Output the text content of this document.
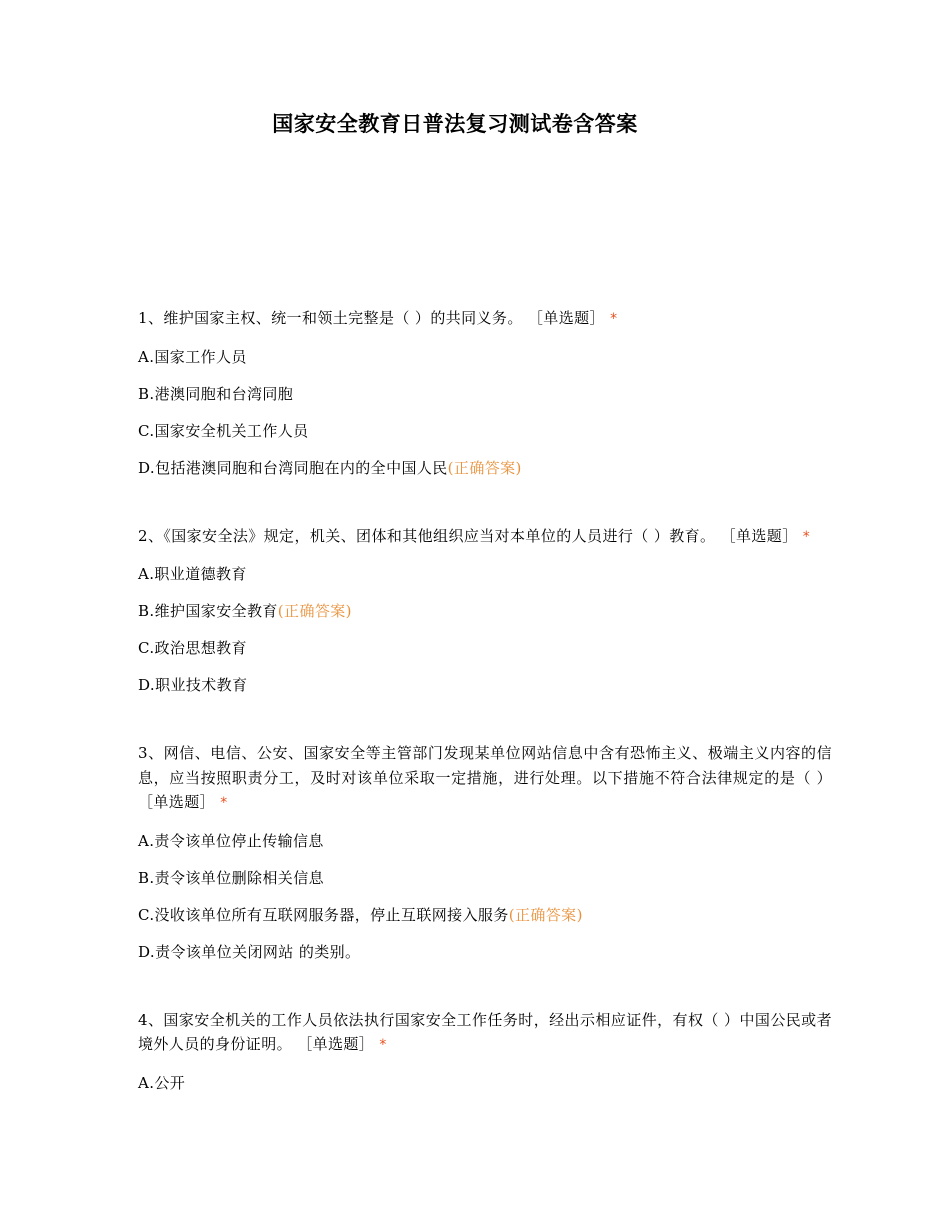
国家安全教育日普法复习测试卷含答案
1、维护国家主权、统一和领土完整是（ ）的共同义务。 ［单选题］ *
A.国家工作人员
B.港澳同胞和台湾同胞
C.国家安全机关工作人员
D.包括港澳同胞和台湾同胞在内的全中国人民(正确答案)
2、《国家安全法》规定，机关、团体和其他组织应当对本单位的人员进行（ ）教育。 ［单选题］ *
A.职业道德教育
B.维护国家安全教育(正确答案)
C.政治思想教育
D.职业技术教育
3、网信、电信、公安、国家安全等主管部门发现某单位网站信息中含有恐怖主义、极端主义内容的信息，应当按照职责分工，及时对该单位采取一定措施，进行处理。以下措施不符合法律规定的是（ ） ［单选题］ *
A.责令该单位停止传输信息
B.责令该单位删除相关信息
C.没收该单位所有互联网服务器，停止互联网接入服务(正确答案)
D.责令该单位关闭网站 的类别。
4、国家安全机关的工作人员依法执行国家安全工作任务时，经出示相应证件，有权（ ）中国公民或者境外人员的身份证明。 ［单选题］ *
A.公开
